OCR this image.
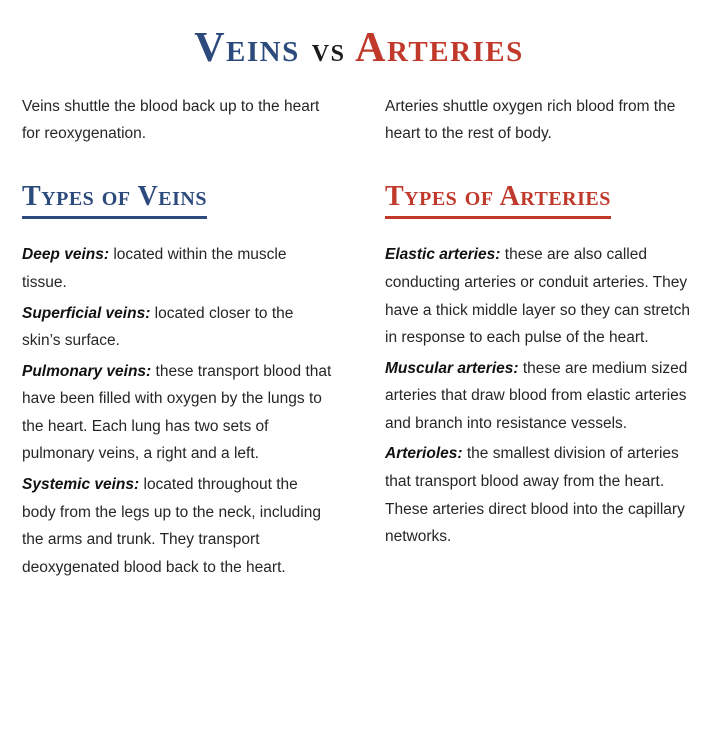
Veins vs Arteries

Veins shuttle the blood back up to the heart for reoxygenation.

Types of Veins

Deep veins: located within the muscle tissue.

Superficial veins: located closer to the skin’s surface.

Pulmonary veins: these transport blood that have been filled with oxygen by the lungs to the heart. Each lung has two sets of pulmonary veins, a right and a left.

Systemic veins: located throughout the body from the legs up to the neck, including the arms and trunk. They transport deoxygenated blood back to the heart.

Arteries shuttle oxygen rich blood from the heart to the rest of body.

Types of Arteries

Elastic arteries: these are also called conducting arteries or conduit arteries. They have a thick middle layer so they can stretch in response to each pulse of the heart.

Muscular arteries: these are medium sized arteries that draw blood from elastic arteries and branch into resistance vessels.

Arterioles: the smallest division of arteries that transport blood away from the heart. These arteries direct blood into the capillary networks.
